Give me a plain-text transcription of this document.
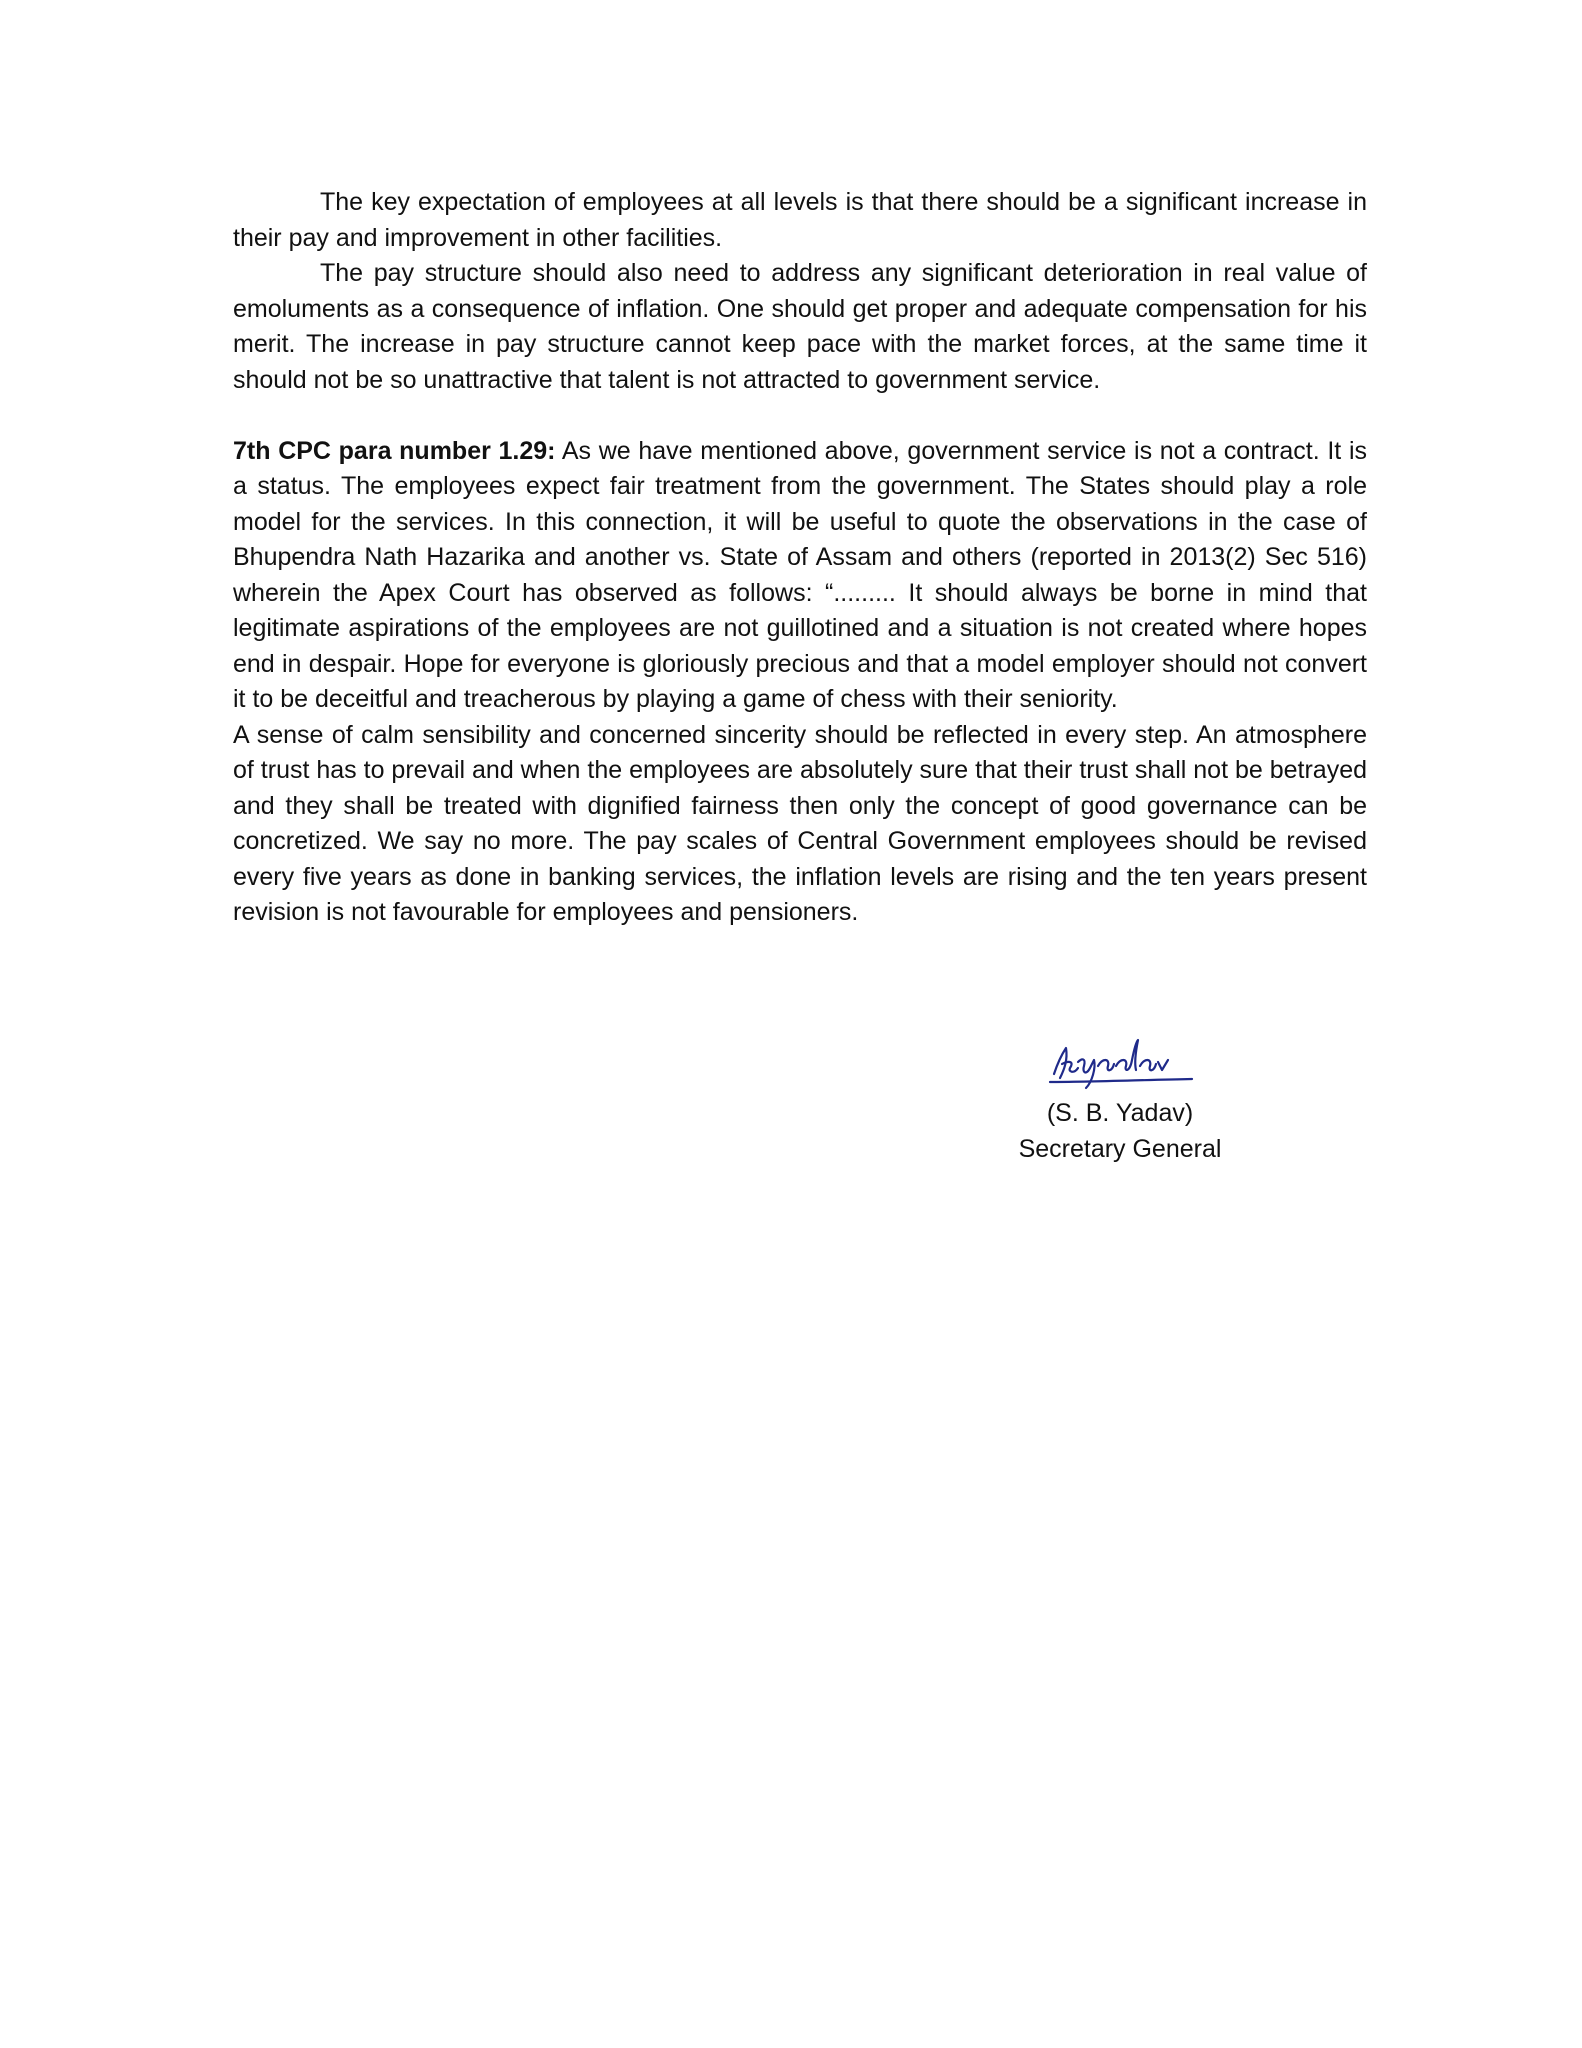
The key expectation of employees at all levels is that there should be a significant increase in their pay and improvement in other facilities.

The pay structure should also need to address any significant deterioration in real value of emoluments as a consequence of inflation. One should get proper and adequate compensation for his merit. The increase in pay structure cannot keep pace with the market forces, at the same time it should not be so unattractive that talent is not attracted to government service.

7th CPC para number 1.29: As we have mentioned above, government service is not a contract. It is a status. The employees expect fair treatment from the government. The States should play a role model for the services. In this connection, it will be useful to quote the observations in the case of Bhupendra Nath Hazarika and another vs. State of Assam and others (reported in 2013(2) Sec 516) wherein the Apex Court has observed as follows: “......... It should always be borne in mind that legitimate aspirations of the employees are not guillotined and a situation is not created where hopes end in despair. Hope for everyone is gloriously precious and that a model employer should not convert it to be deceitful and treacherous by playing a game of chess with their seniority.

A sense of calm sensibility and concerned sincerity should be reflected in every step. An atmosphere of trust has to prevail and when the employees are absolutely sure that their trust shall not be betrayed and they shall be treated with dignified fairness then only the concept of good governance can be concretized. We say no more. The pay scales of Central Government employees should be revised every five years as done in banking services, the inflation levels are rising and the ten years present revision is not favourable for employees and pensioners.

(S. B. Yadav)
Secretary General
